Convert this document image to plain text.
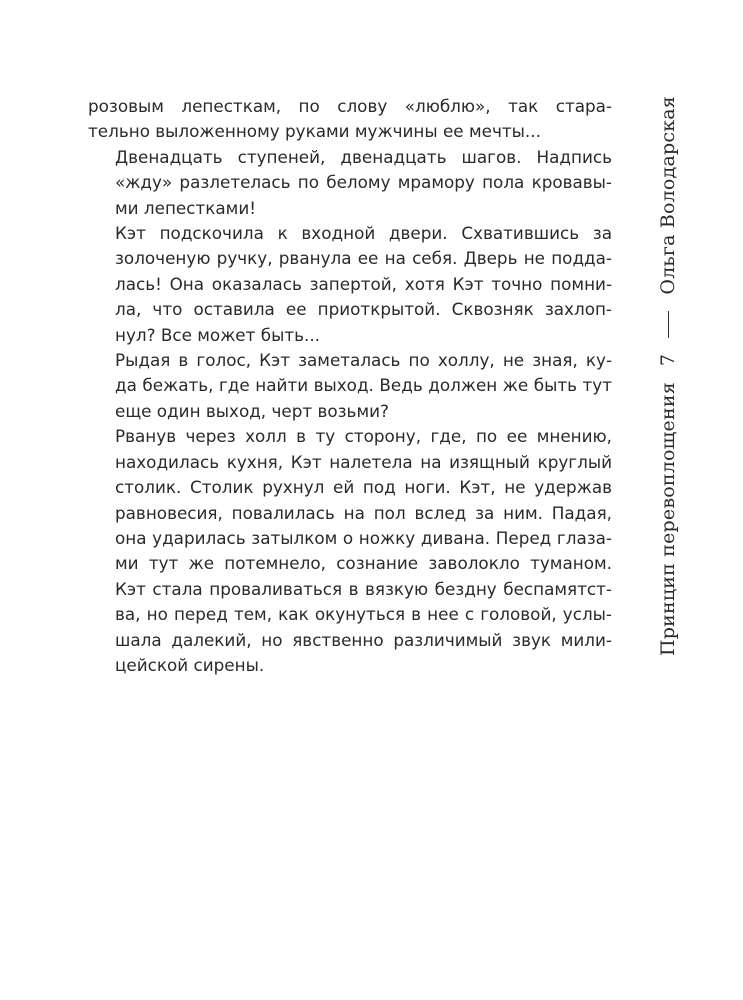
розовым лепесткам, по слову «люблю», так стара-
тельно выложенному руками мужчины ее мечты...

Двенадцать ступеней, двенадцать шагов. Надпись
«жду» разлетелась по белому мрамору пола кровавы-
ми лепестками!

Кэт подскочила к входной двери. Схватившись за
золоченую ручку, рванула ее на себя. Дверь не подда-
лась! Она оказалась запертой, хотя Кэт точно помни-
ла, что оставила ее приоткрытой. Сквозняк захлоп-
нул? Все может быть...

Рыдая в голос, Кэт заметалась по холлу, не зная, ку-
да бежать, где найти выход. Ведь должен же быть тут
еще один выход, черт возьми?

Рванув через холл в ту сторону, где, по ее мнению,
находилась кухня, Кэт налетела на изящный круглый
столик. Столик рухнул ей под ноги. Кэт, не удержав
равновесия, повалилась на пол вслед за ним. Падая,
она ударилась затылком о ножку дивана. Перед глаза-
ми тут же потемнело, сознание заволокло туманом.
Кэт стала проваливаться в вязкую бездну беспамятст-
ва, но перед тем, как окунуться в нее с головой, услы-
шала далекий, но явственно различимый звук мили-
цейской сирены.

Принцип перевоплощения
7
Ольга Володарская
